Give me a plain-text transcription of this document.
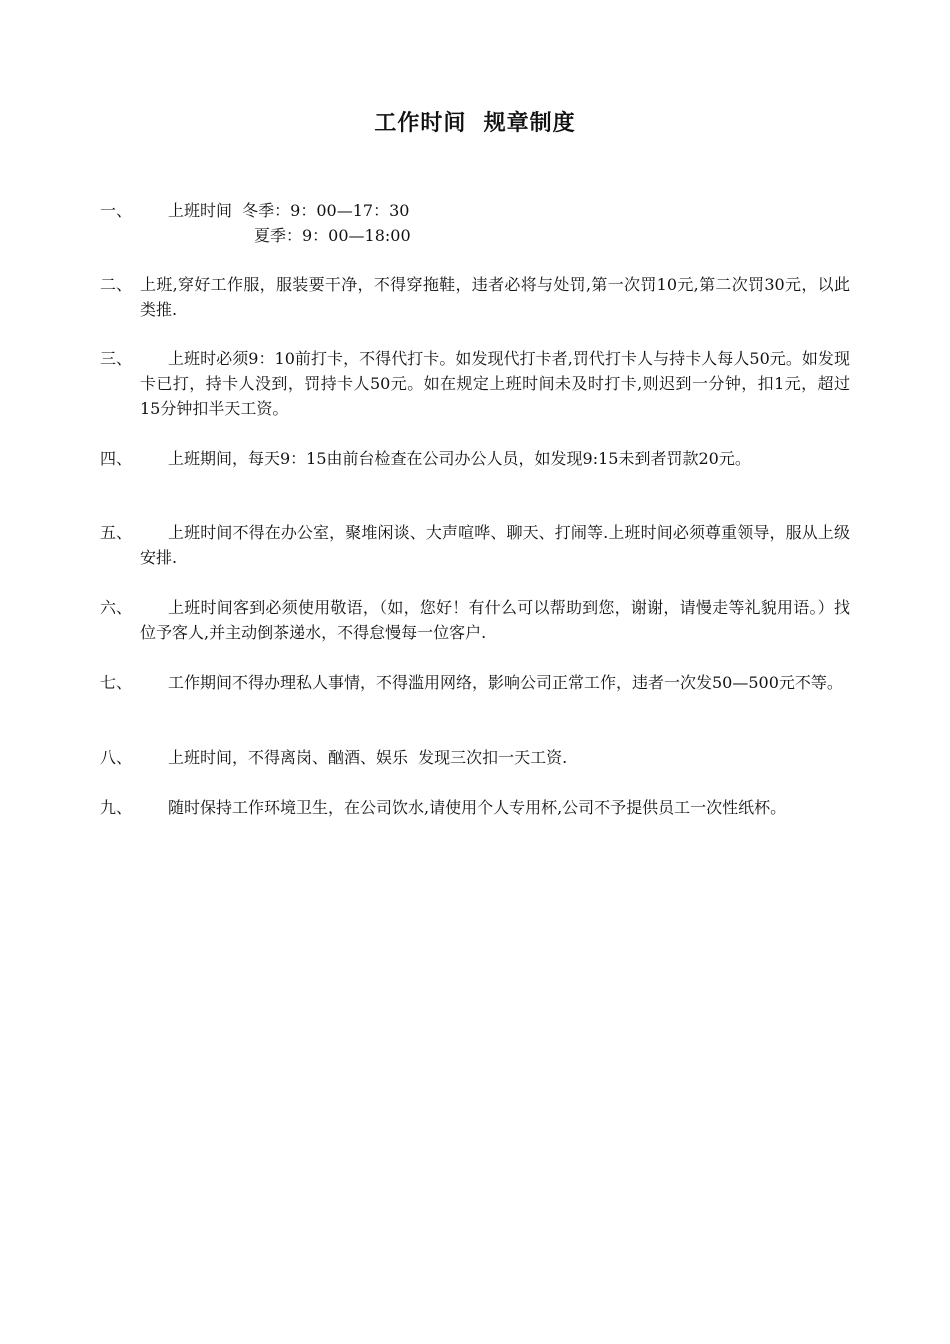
工作时间  规章制度
一、	上班时间  冬季：9：00—17：30
夏季：9：00—18:00
二、 上班,穿好工作服，服装要干净，不得穿拖鞋，违者必将与处罚,第一次罚10元,第二次罚30元，以此类推.
三、	上班时必须9：10前打卡，不得代打卡。如发现代打卡者,罚代打卡人与持卡人每人50元。如发现卡已打，持卡人没到，罚持卡人50元。如在规定上班时间未及时打卡,则迟到一分钟，扣1元，超过15分钟扣半天工资。
四、	上班期间，每天9：15由前台检查在公司办公人员，如发现9:15未到者罚款20元。
五、	上班时间不得在办公室，聚堆闲谈、大声喧哗、聊天、打闹等.上班时间必须尊重领导，服从上级安排.
六、	上班时间客到必须使用敬语，（如，您好！有什么可以帮助到您，谢谢，请慢走等礼貌用语。）找位予客人,并主动倒茶递水，不得怠慢每一位客户.
七、	工作期间不得办理私人事情，不得滥用网络，影响公司正常工作，违者一次发50—500元不等。
八、	上班时间，不得离岗、酗酒、娱乐  发现三次扣一天工资.
九、	随时保持工作环境卫生，在公司饮水,请使用个人专用杯,公司不予提供员工一次性纸杯。
